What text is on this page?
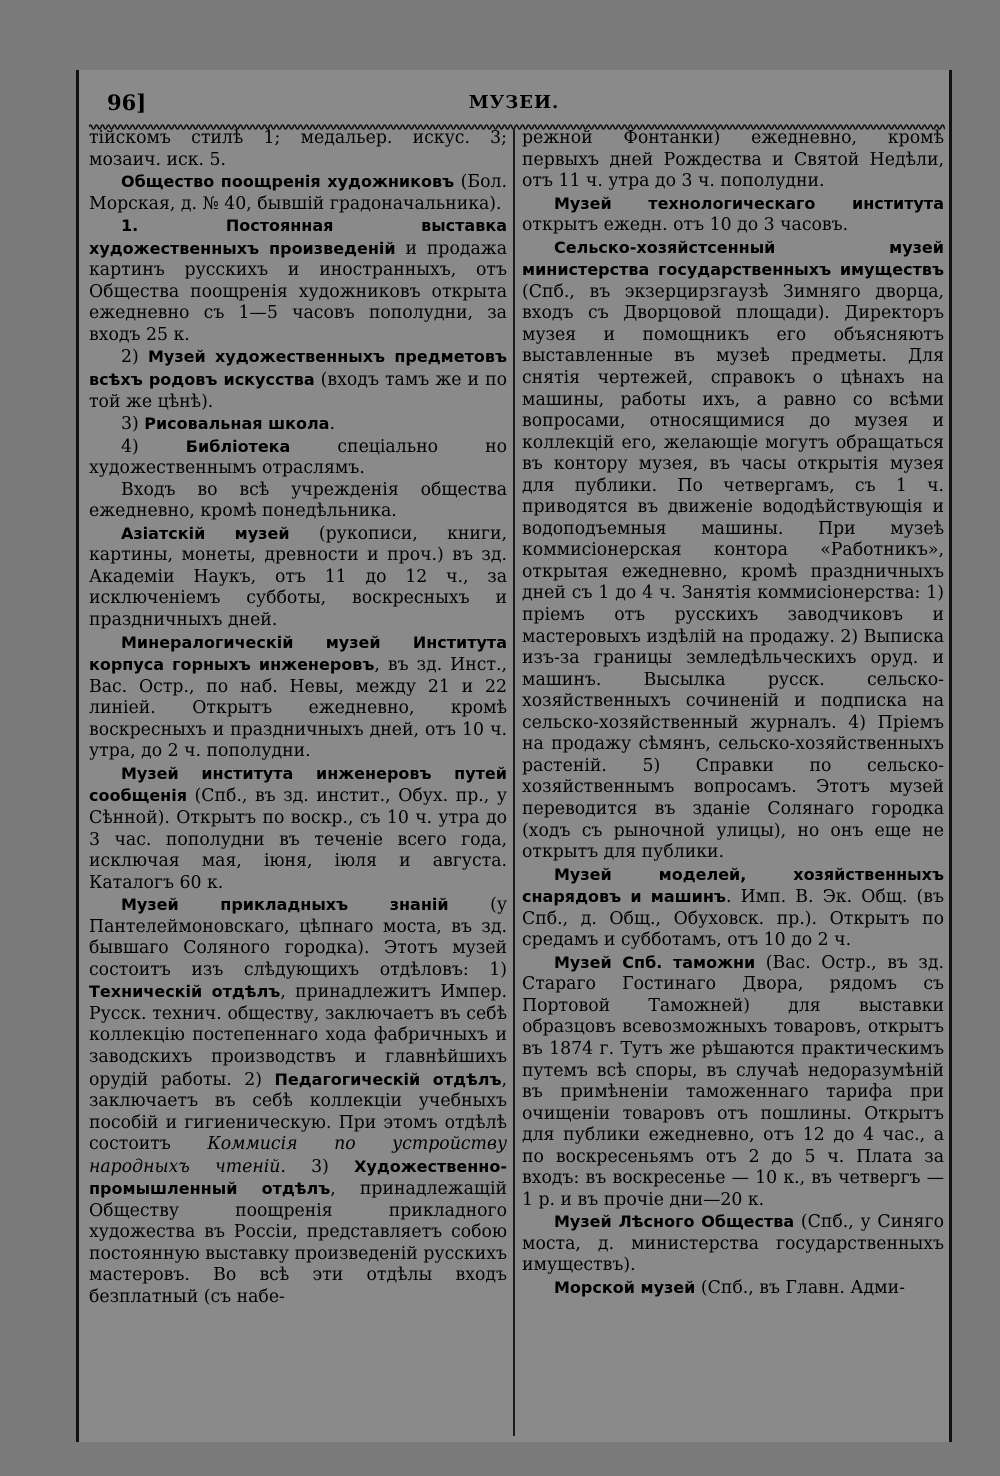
96]	МУЗЕИ.

тійскомъ стилѣ 1; медальер. искус. 3; мозаич. иск. 5.

Общество поощренія художниковъ (Бол. Морская, д. № 40, бывшій градоначальника).

1. Постоянная выставка художественныхъ произведеній и продажа картинъ русскихъ и иностранныхъ, отъ Общества поощренія художниковъ открыта ежедневно съ 1—5 часовъ пополудни, за входъ 25 к.

2) Музей художественныхъ предметовъ всѣхъ родовъ искусства (входъ тамъ же и по той же цѣнѣ).

3) Рисовальная школа.

4) Библіотека спеціально но художественнымъ отраслямъ.

Входъ во всѣ учрежденія общества ежедневно, кромѣ понедѣльника.

Азіатскій музей (рукописи, книги, картины, монеты, древности и проч.) въ зд. Академіи Наукъ, отъ 11 до 12 ч., за исключеніемъ субботы, воскресныхъ и праздничныхъ дней.

Минералогическій музей Института корпуса горныхъ инженеровъ, въ зд. Инст., Вас. Остр., по наб. Невы, между 21 и 22 линіей. Открытъ ежедневно, кромѣ воскресныхъ и праздничныхъ дней, отъ 10 ч. утра, до 2 ч. пополудни.

Музей института инженеровъ путей сообщенія (Спб., въ зд. инстит., Обух. пр., у Сѣнной). Открытъ по воскр., съ 10 ч. утра до 3 час. пополудни въ теченіе всего года, исключая мая, іюня, іюля и августа. Каталогъ 60 к.

Музей прикладныхъ знаній (у Пантелеймоновскаго, цѣпнаго моста, въ зд. бывшаго Соляного городка). Этотъ музей состоитъ изъ слѣдующихъ отдѣловъ: 1) Техническій отдѣлъ, принадлежитъ Импер. Русск. технич. обществу, заключаетъ въ себѣ коллекцію постепеннаго хода фабричныхъ и заводскихъ производствъ и главнѣйшихъ орудій работы. 2) Педагогическій отдѣлъ, заключаетъ въ себѣ коллекціи учебныхъ пособій и гигиеническую. При этомъ отдѣлѣ состоитъ Коммисія по устройству народныхъ чтеній. 3) Художественно-промышленный отдѣлъ, принадлежащій Обществу поощренія прикладного художества въ Россіи, представляетъ собою постоянную выставку произведеній русскихъ мастеровъ. Во всѣ эти отдѣлы входъ безплатный (съ набе-

режной Фонтанки) ежедневно, кромѣ первыхъ дней Рождества и Святой Недѣли, отъ 11 ч. утра до 3 ч. пополудни.

Музей технологическаго института открытъ ежедн. отъ 10 до 3 часовъ.

Сельско-хозяйстсенный музей министерства государственныхъ имуществъ (Спб., въ экзерцирзгаузѣ Зимняго дворца, входъ съ Дворцовой площади). Директоръ музея и помощникъ его объясняютъ выставленные въ музеѣ предметы. Для снятія чертежей, справокъ о цѣнахъ на машины, работы ихъ, а равно со всѣми вопросами, относящимися до музея и коллекцій его, желающіе могутъ обращаться въ контору музея, въ часы открытія музея для публики. По четвергамъ, съ 1 ч. приводятся въ движеніе вододѣйствующія и водоподъемныя машины. При музеѣ коммисіонерская контора «Работникъ», открытая ежедневно, кромѣ праздничныхъ дней съ 1 до 4 ч. Занятія коммисіонерства: 1) пріемъ отъ русскихъ заводчиковъ и мастеровыхъ издѣлій на продажу. 2) Выписка изъ-за границы земледѣльческихъ оруд. и машинъ. Высылка русск. сельско-хозяйственныхъ сочиненій и подписка на сельско-хозяйственный журналъ. 4) Пріемъ на продажу сѣмянъ, сельско-хозяйственныхъ растеній. 5) Справки по сельско-хозяйственнымъ вопросамъ. Этотъ музей переводится въ зданіе Солянаго городка (ходъ съ рыночной улицы), но онъ еще не открытъ для публики.

Музей моделей, хозяйственныхъ снарядовъ и машинъ. Имп. В. Эк. Общ. (въ Спб., д. Общ., Обуховск. пр.). Открытъ по средамъ и субботамъ, отъ 10 до 2 ч.

Музей Спб. таможни (Вас. Остр., въ зд. Стараго Гостинаго Двора, рядомъ съ Портовой Таможней) для выставки образцовъ всевозможныхъ товаровъ, открытъ въ 1874 г. Тутъ же рѣшаются практическимъ путемъ всѣ споры, въ случаѣ недоразумѣній въ примѣненіи таможеннаго тарифа при очищеніи товаровъ отъ пошлины. Открытъ для публики ежедневно, отъ 12 до 4 час., а по воскресеньямъ отъ 2 до 5 ч. Плата за входъ: въ воскресенье — 10 к., въ четвергъ — 1 р. и въ прочіе дни—20 к.

Музей Лѣсного Общества (Спб., у Синяго моста, д. министерства государственныхъ имуществъ).

Морской музей (Спб., въ Главн. Адми-
